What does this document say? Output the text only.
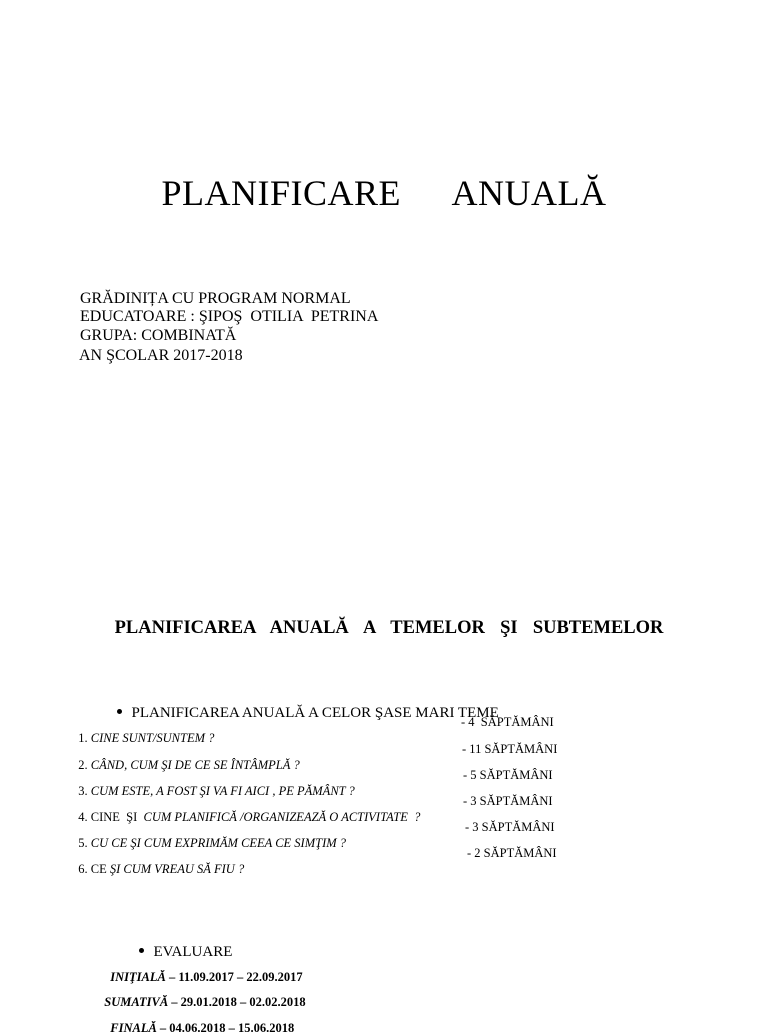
PLANIFICARE   ANUALĂ
GRĂDINIȚA CU PROGRAM NORMAL
EDUCATOARE : ŞIPOŞ  OTILIA  PETRINA
GRUPA: COMBINATĂ
AN ŞCOLAR 2017-2018
PLANIFICAREA  ANUALĂ  A  TEMELOR  ŞI  SUBTEMELOR

PLANIFICAREA ANUALĂ A CELOR ŞASE MARI TEME

1. CINE SUNT/SUNTEM ?

- 4  SĂPTĂMÂNI

2. CÂND, CUM ŞI DE CE SE ÎNTÂMPLĂ ?

- 11 SĂPTĂMÂNI

3. CUM ESTE, A FOST ŞI VA FI AICI , PE PĂMÂNT ?

- 5 SĂPTĂMÂNI

4. CINE  ŞI  CUM PLANIFICĂ /ORGANIZEAZĂ O ACTIVITATE  ?

- 3 SĂPTĂMÂNI

5. CU CE ŞI CUM EXPRIMĂM CEEA CE SIMŢIM ?

- 3 SĂPTĂMÂNI

6. CE ŞI CUM VREAU SĂ FIU ?

- 2 SĂPTĂMÂNI

EVALUARE

INIŢIALĂ – 11.09.2017 – 22.09.2017

SUMATIVĂ – 29.01.2018 – 02.02.2018

FINALĂ – 04.06.2018 – 15.06.2018
